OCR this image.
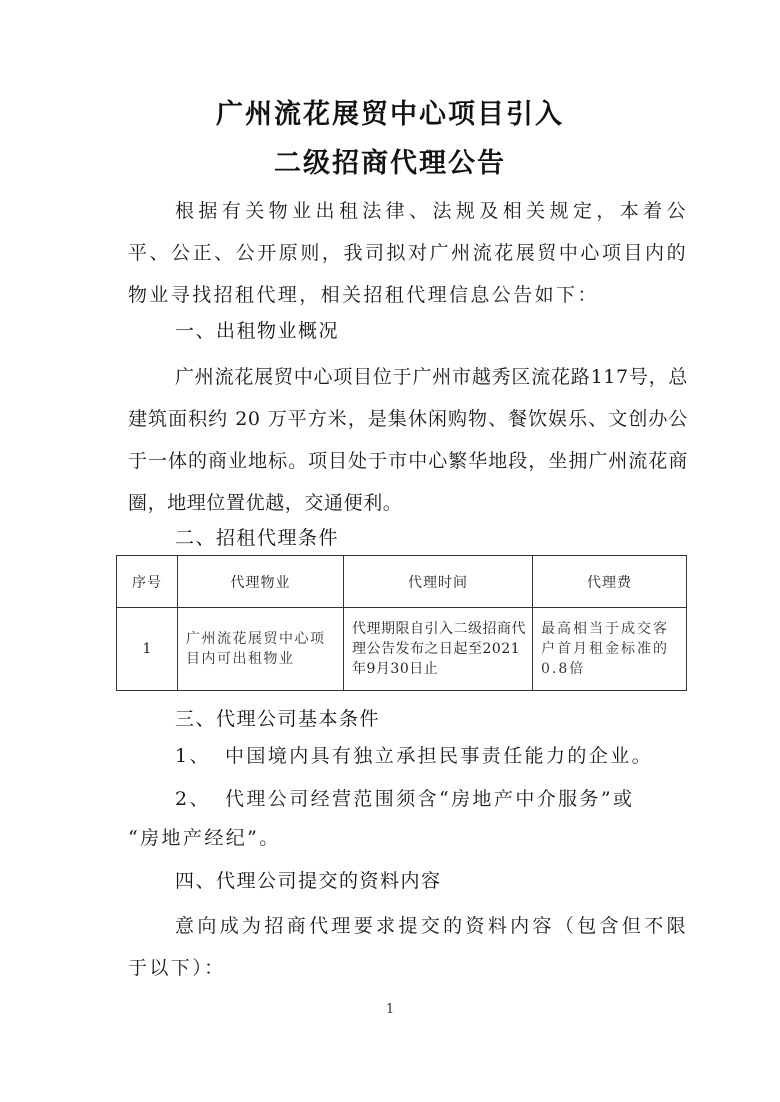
广州流花展贸中心项目引入
二级招商代理公告

根据有关物业出租法律、法规及相关规定，本着公平、公正、公开原则，我司拟对广州流花展贸中心项目内的物业寻找招租代理，相关招租代理信息公告如下：

一、出租物业概况

广州流花展贸中心项目位于广州市越秀区流花路117号，总建筑面积约 20 万平方米，是集休闲购物、餐饮娱乐、文创办公于一体的商业地标。项目处于市中心繁华地段，坐拥广州流花商圈，地理位置优越，交通便利。

二、招租代理条件
序号	代理物业	代理时间	代理费
1	广州流花展贸中心项目内可出租物业	代理期限自引入二级招商代理公告发布之日起至2021年9月30日止	最高相当于成交客户首月租金标准的0.8倍
三、代理公司基本条件
1、 中国境内具有独立承担民事责任能力的企业。
2、 代理公司经营范围须含“房地产中介服务”或
“房地产经纪”。
四、代理公司提交的资料内容

意向成为招商代理要求提交的资料内容（包含但不限于以下）：

1
